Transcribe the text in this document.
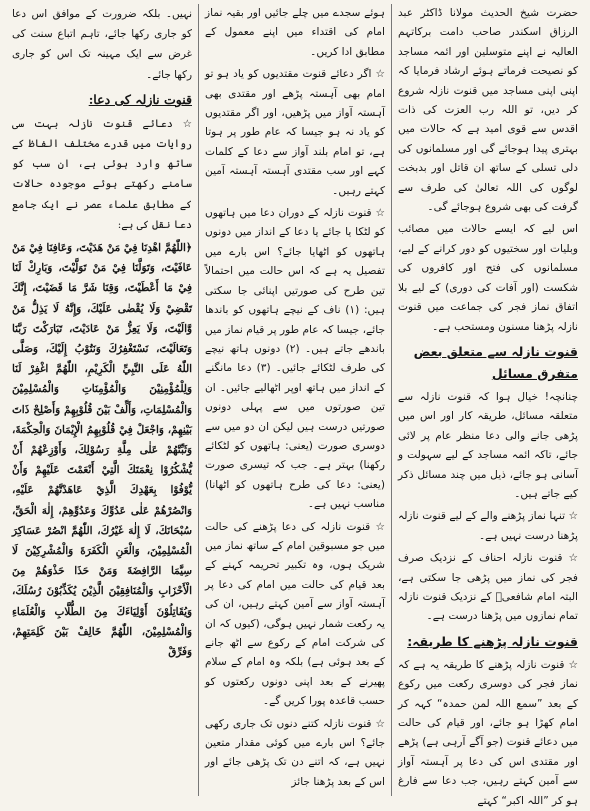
حضرت شیخ الحدیث مولانا ڈاکٹر عبد الرزاق اسکندر صاحب دامت برکاتہم العالیہ نے اپنے متوسلین اور ائمہ مساجد کو نصیحت فرماتے ہوئے ارشاد فرمایا کہ اپنی اپنی مساجد میں قنوت نازلہ شروع کر دیں، تو اللہ رب العزت کی ذات اقدس سے قوی امید ہے کہ حالات میں بہتری پیدا ہوجائے گی اور مسلمانوں کی دلی تسلی کے ساتھ ان قاتل اور بدبخت لوگوں کی اللہ تعالیٰ کی طرف سے گرفت کی بھی شروع ہوجائے گی۔

اس لیے کہ ایسے حالات میں مصائب وبلیات اور سختیوں کو دور کرانے کے لیے، مسلمانوں کی فتح اور کافروں کی شکست (اور آفات کی دوری) کے لیے بلا اتفاق نماز فجر کی جماعت میں قنوت نازلہ پڑھنا مسنون ومستحب ہے۔

قنوت نازلہ سے متعلق بعض متفرق مسائل

چنانچہ! خیال ہوا کہ قنوت نازلہ سے متعلقہ مسائل، طریقہ کار اور اس میں پڑھی جانے والی دعا منظر عام پر لائی جائے، تاکہ ائمہ مساجد کے لیے سہولت و آسانی ہو جائے، ذیل میں چند مسائل ذکر کیے جاتے ہیں۔

☆ تنہا نماز پڑھنے والے کے لیے قنوت نازلہ پڑھنا درست نہیں ہے۔

☆ قنوت نازلہ احناف کے نزدیک صرف فجر کی نماز میں پڑھی جا سکتی ہے، البتہ امام شافعیؒ کے نزدیک قنوت نازلہ تمام نمازوں میں پڑھنا درست ہے۔

قنوت نازلہ پڑھنے کا طریقہ:

☆ قنوت نازلہ پڑھنے کا طریقہ یہ ہے کہ نماز فجر کی دوسری رکعت میں رکوع کے بعد ”سمع اللہ لمن حمدہ“ کہہ کر امام کھڑا ہو جائے، اور قیام کی حالت میں دعائے قنوت (جو آگے آرہی ہے) پڑھے اور مقتدی اس کی دعا پر آہستہ آواز سے آمین کہتے رہیں، جب دعا سے فارغ ہو کر ”اللہ اکبر“ کہتے

ہوئے سجدے میں چلے جائیں اور بقیہ نماز امام کی اقتداء میں اپنے معمول کے مطابق ادا کریں۔

☆ اگر دعائے قنوت مقتدیوں کو یاد ہو تو امام بھی آہستہ پڑھے اور مقتدی بھی آہستہ آواز میں پڑھیں، اور اگر مقتدیوں کو یاد نہ ہو جیسا کہ عام طور پر ہوتا ہے، تو امام بلند آواز سے دعا کے کلمات کہے اور سب مقتدی آہستہ آہستہ آمین کہتے رہیں۔

☆ قنوت نازلہ کے دوران دعا میں ہاتھوں کو لٹکا یا جائے یا دعا کے انداز میں دونوں ہاتھوں کو اٹھایا جائے؟ اس بارے میں تفصیل یہ ہے کہ اس حالت میں احتمالاً تین طرح کی صورتیں اپنائی جا سکتی ہیں: (۱) ناف کے نیچے ہاتھوں کو باندھا جائے، جیسا کہ عام طور پر قیام نماز میں باندھے جاتے ہیں۔ (۲) دونوں ہاتھ نیچے کی طرف لٹکائے جائیں۔ (۳) دعا مانگنے کے انداز میں ہاتھ اوپر اٹھالیے جائیں۔ ان تین صورتوں میں سے پہلی دونوں صورتیں درست ہیں لیکن ان دو میں سے دوسری صورت (یعنی: ہاتھوں کو لٹکائے رکھنا) بہتر ہے۔ جب کہ تیسری صورت (یعنی: دعا کی طرح ہاتھوں کو اٹھانا) مناسب نہیں ہے۔

☆ قنوت نازلہ کی دعا پڑھنے کی حالت میں جو مسبوقین امام کے ساتھ نماز میں شریک ہوں، وہ تکبیر تحریمہ کہنے کے بعد قیام کی حالت میں امام کی دعا پر آہستہ آواز سے آمین کہتے رہیں، ان کی یہ رکعت شمار نہیں ہوگی، (کیوں کہ ان کی شرکت امام کے رکوع سے اٹھ جانے کے بعد ہوئی ہے) بلکہ وہ امام کے سلام پھیرنے کے بعد اپنی دونوں رکعتوں کو حسب قاعدہ پورا کریں گے۔

☆ قنوت نازلہ کتنے دنوں تک جاری رکھی جائے؟ اس بارے میں کوئی مقدار متعین نہیں ہے، کہ اتنے دن تک پڑھی جائے اور اس کے بعد پڑھنا جائز

نہیں۔ بلکہ ضرورت کے موافق اس دعا کو جاری رکھا جائے، تاہم اتباع سنت کی غرض سے ایک مہینہ تک اس کو جاری رکھا جائے۔

قنوت نازلہ کی دعا:

☆ دعائے قنوت نازلہ بہت سی روایات میں قدرے مختلف الفاظ کے ساتھ وارد ہوئی ہے، ان سب کو سامنے رکھتے ہوئے موجودہ حالات کے مطابق علماء عصر نے ایک جامع دعا نقل کی ہے:

﴿اللّٰهُمَّ اهْدِنَا فِيْ مَنْ هَدَيْتَ، وَعَافِنَا فِيْ مَنْ عَافَيْتَ، وَتَوَلَّنَا فِيْ مَنْ تَوَلَّيْتَ، وَبَارِكْ لَنَا فِيْ مَا أَعْطَيْتَ، وَقِنَا شَرَّ مَا قَضَيْتَ، إِنَّكَ تَقْضِيْ وَلَا يُقْضٰى عَلَيْكَ، وَإِنَّهُ لَا يَذِلُّ مَنْ وَّالَيْتَ، وَلَا يَعِزُّ مَنْ عَادَيْتَ، تَبَارَكْتَ رَبَّنَا وَتَعَالَيْتَ، نَسْتَغْفِرُكَ وَنَتُوْبُ إِلَيْكَ، وَصَلَّى اللّٰهُ عَلَى النَّبِيِّ الْكَرِيْمِ، اللّٰهُمَّ اغْفِرْ لَنَا وَلِلْمُؤْمِنِيْنَ وَالْمُؤْمِنَاتِ وَالْمُسْلِمِيْنَ وَالْمُسْلِمَاتِ، وَأَلِّفْ بَيْنَ قُلُوْبِهِمْ وَأَصْلِحْ ذَاتَ بَيْنِهِمْ، وَاجْعَلْ فِيْ قُلُوْبِهِمُ الْإِيْمَانَ وَالْحِكْمَةَ، وَثَبِّتْهُمْ عَلٰى مِلَّةِ رَسُوْلِكَ، وَأَوْزِعْهُمْ أَنْ يُّشْكُرُوْا نِعْمَتَكَ الَّتِيْ أَنْعَمْتَ عَلَيْهِمْ وَأَنْ يُّوْفُوْا بِعَهْدِكَ الَّذِيْ عَاهَدْتَّهُمْ عَلَيْهِ، وَانْصُرْهُمْ عَلٰى عَدُوِّكَ وَعَدُوِّهِمْ، إِلٰهَ الْحَقِّ، سُبْحَانَكَ، لَا إِلٰهَ غَيْرُكَ، اللّٰهُمَّ انْصُرْ عَسَاكِرَ الْمُسْلِمِيْنَ، وَالْعَنِ الْكَفَرَةَ وَالْمُشْرِكِيْنَ لَا سِيَّمَا الرَّافِضَةَ وَمَنْ حَذَا حَذْوَهُمْ مِنَ الْأَحْزَابِ وَالْمُنَافِقِيْنَ الَّذِيْنَ يُكَذِّبُوْنَ رُسُلَكَ، وَيُقَاتِلُوْنَ أَوْلِيَاءَكَ مِنَ الطُّلَّابِ وَالْعُلَمَاءِ وَالْمُسْلِمِيْنَ، اللّٰهُمَّ خَالِفْ بَيْنَ كَلِمَتِهِمْ، وَفَرِّقْ
